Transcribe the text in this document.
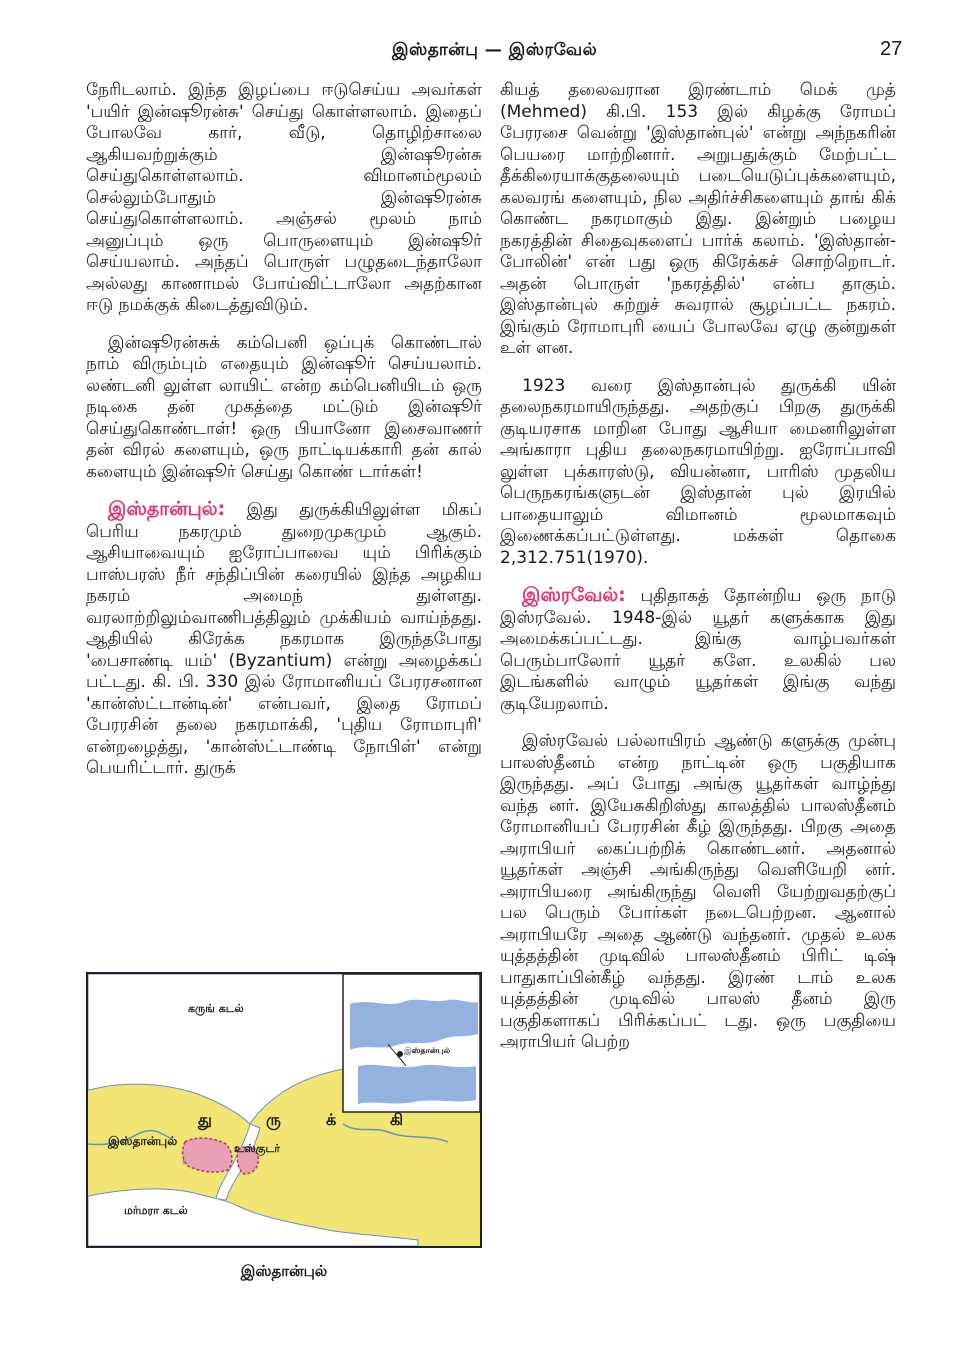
இஸ்தான்பு — இஸ்ரவேல்	27

நேரிடலாம். இந்த இழப்பை ஈடுசெய்ய அவர்கள் 'பயிர் இன்ஷூரன்சு' செய்து கொள்ளலாம். இதைப் போலவே கார், வீடு, தொழிற்சாலை ஆகியவற்றுக்கும் இன்ஷூரன்சு செய்துகொள்ளலாம். விமானம்மூலம் செல்லும்போதும் இன்ஷூரன்சு செய்துகொள்ளலாம். அஞ்சல் மூலம் நாம் அனுப்பும் ஒரு பொருளையும் இன்ஷூர் செய்யலாம். அந்தப் பொருள் பழுதடைந்தாலோ அல்லது காணாமல் போய்விட்டாலோ அதற்கான ஈடு நமக்குக் கிடைத்துவிடும்.

இன்ஷூரன்சுக் கம்பெனி ஒப்புக் கொண்டால் நாம் விரும்பும் எதையும் இன்ஷூர் செய்யலாம். லண்டனி லுள்ள லாயிட் என்ற கம்பெனியிடம் ஒரு நடிகை தன் முகத்தை மட்டும் இன்ஷூர் செய்துகொண்டாள்! ஒரு பியானோ இசைவாணர் தன் விரல் களையும், ஒரு நாட்டியக்காரி தன் கால் களையும் இன்ஷூர் செய்து கொண் டார்கள்!

இஸ்தான்புல்: இது துருக்கியிலுள்ள மிகப் பெரிய நகரமும் துறைமுகமும் ஆகும். ஆசியாவையும் ஐரோப்பாவை யும் பிரிக்கும் பாஸ்பரஸ் நீர் சந்திப்பின் கரையில் இந்த அழகிய நகரம் அமைந் துள்ளது. வரலாற்றிலும்வாணிபத்திலும் முக்கியம் வாய்ந்தது. ஆதியில் கிரேக்க நகரமாக இருந்தபோது 'பைசாண்டி யம்' (Byzantium) என்று அழைக்கப் பட்டது. கி. பி. 330 இல் ரோமானியப் பேரரசனான 'கான்ஸ்ட்டான்டின்' என்பவர், இதை ரோமப் பேரரசின் தலை நகரமாக்கி, 'புதிய ரோமாபுரி' என்றழைத்து, 'கான்ஸ்ட்டாண்டி நோபிள்' என்று பெயரிட்டார். துருக்

கியத் தலைவரான இரண்டாம் மெக் முத் (Mehmed) கி.பி. 153 இல் கிழக்கு ரோமப் பேரரசை வென்று 'இஸ்தான்புல்' என்று அந்நகரின் பெயரை மாற்றினார். அறுபதுக்கும் மேற்பட்ட தீக்கிரையாக்குதலையும் படையெடுப்புக்களையும், கலவரங் களையும், நில அதிர்ச்சிகளையும் தாங் கிக் கொண்ட நகரமாகும் இது. இன்றும் பழைய நகரத்தின் சிதைவுகளைப் பார்க் கலாம். 'இஸ்தான்-போலின்' என் பது ஒரு கிரேக்கச் சொற்றொடர். அதன் பொருள் 'நகரத்தில்' என்ப தாகும். இஸ்தான்புல் சுற்றுச் சுவரால் சூழப்பட்ட நகரம். இங்கும் ரோமாபுரி யைப் போலவே ஏழு குன்றுகள் உள் ளன.

1923 வரை இஸ்தான்புல் துருக்கி யின் தலைநகரமாயிருந்தது. அதற்குப் பிறகு துருக்கி குடியரசாக மாறின போது ஆசியா மைனரிலுள்ள அங்காரா புதிய தலைநகரமாயிற்று. ஐரோப்பாவி லுள்ள புக்காரஸ்டு, வியன்னா, பாரிஸ் முதலிய பெருநகரங்களுடன் இஸ்தான் புல் இரயில் பாதையாலும் விமானம் மூலமாகவும் இணைக்கப்பட்டுள்ளது. மக்கள் தொகை 2,312.751(1970).

இஸ்ரவேல்: புதிதாகத் தோன்றிய ஒரு நாடு இஸ்ரவேல். 1948-இல் யூதர் களுக்காக இது அமைக்கப்பட்டது. இங்கு வாழ்பவர்கள் பெரும்பாலோர் யூதர் களே. உலகில் பல இடங்களில் வாழும் யூதர்கள் இங்கு வந்து குடியேறலாம்.

இஸ்ரவேல் பல்லாயிரம் ஆண்டு களுக்கு முன்பு பாலஸ்தீனம் என்ற நாட்டின் ஒரு பகுதியாக இருந்தது. அப் போது அங்கு யூதர்கள் வாழ்ந்து வந்த னர். இயேசுகிறிஸ்து காலத்தில் பாலஸ்தீனம் ரோமானியப் பேரரசின் கீழ் இருந்தது. பிறகு அதை அராபியர் கைப்பற்றிக் கொண்டனர். அதனால் யூதர்கள் அஞ்சி அங்கிருந்து வெளியேறி னர். அராபியரை அங்கிருந்து வெளி யேற்றுவதற்குப் பல பெரும் போர்கள் நடைபெற்றன. ஆனால் அராபியரே அதை ஆண்டு வந்தனர். முதல் உலக யுத்தத்தின் முடிவில் பாலஸ்தீனம் பிரிட் டிஷ் பாதுகாப்பின்கீழ் வந்தது. இரண் டாம் உலக யுத்தத்தின் முடிவில் பாலஸ் தீனம் இரு பகுதிகளாகப் பிரிக்கப்பட் டது. ஒரு பகுதியை அராபியர் பெற்ற

கருங் கடல்
து	ரு	க்	கி
இஸ்தான்புல்
உஸ்குடர்
மர்மரா கடல்
இஸ்தான்புல்
இஸ்தான்புல்
